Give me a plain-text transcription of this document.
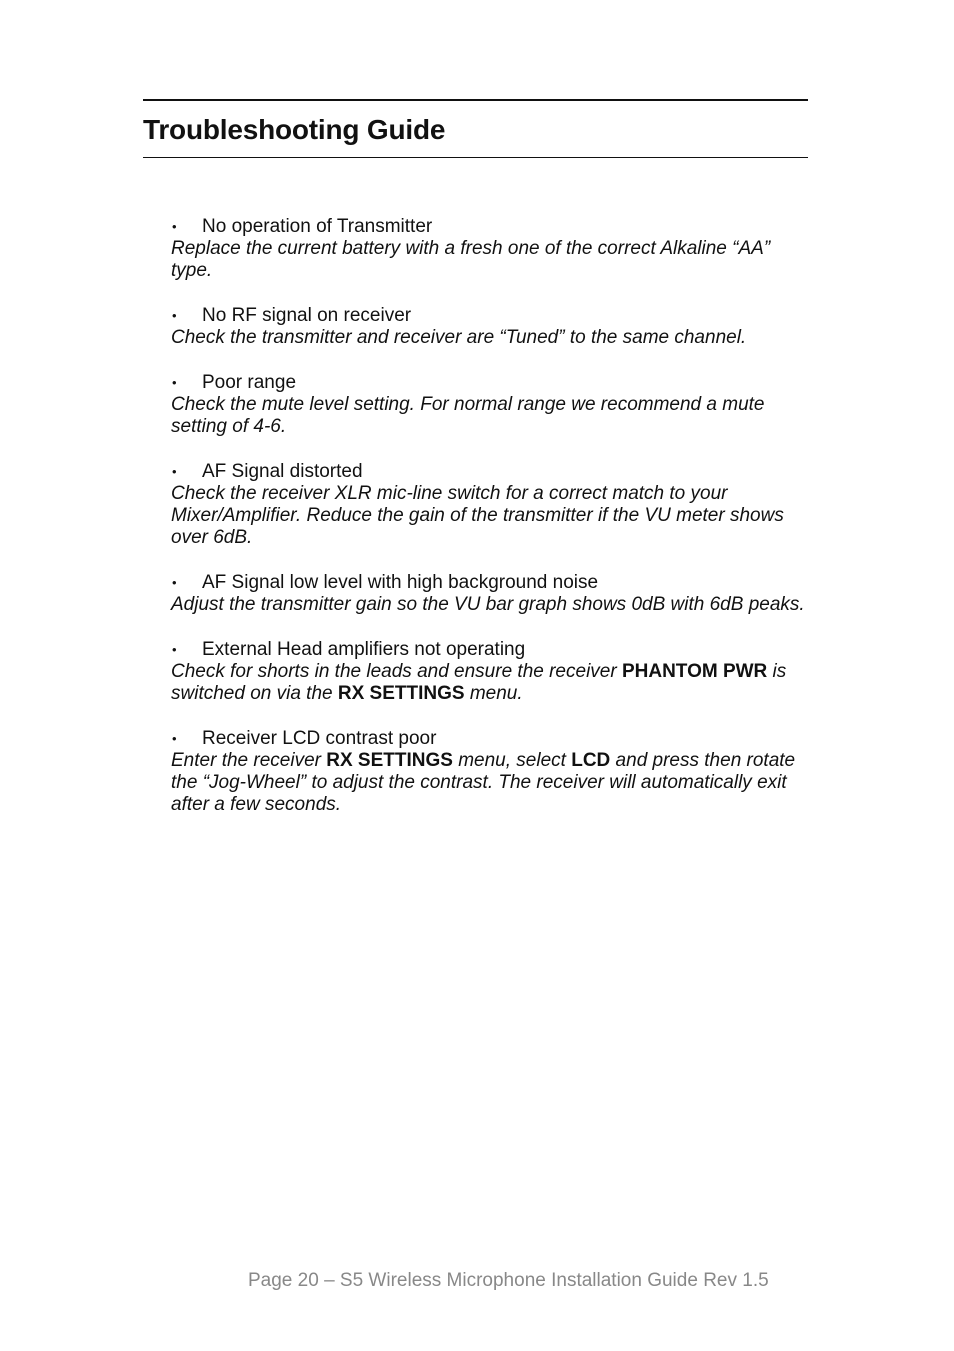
Troubleshooting Guide
• No operation of Transmitter
Replace the current battery with a fresh one of the correct Alkaline “AA” type.
• No RF signal on receiver
Check the transmitter and receiver are “Tuned” to the same channel.
• Poor range
Check the mute level setting. For normal range we recommend a mute setting of 4-6.
• AF Signal distorted
Check the receiver XLR mic-line switch for a correct match to your Mixer/Amplifier. Reduce the gain of the transmitter if the VU meter shows over 6dB.
• AF Signal low level with high background noise
Adjust the transmitter gain so the VU bar graph shows 0dB with 6dB peaks.
• External Head amplifiers not operating
Check for shorts in the leads and ensure the receiver PHANTOM PWR is switched on via the RX SETTINGS menu.
• Receiver LCD contrast poor
Enter the receiver RX SETTINGS menu, select LCD and press then rotate the “Jog-Wheel” to adjust the contrast. The receiver will automatically exit after a few seconds.
Page 20 – S5 Wireless Microphone Installation Guide Rev 1.5
